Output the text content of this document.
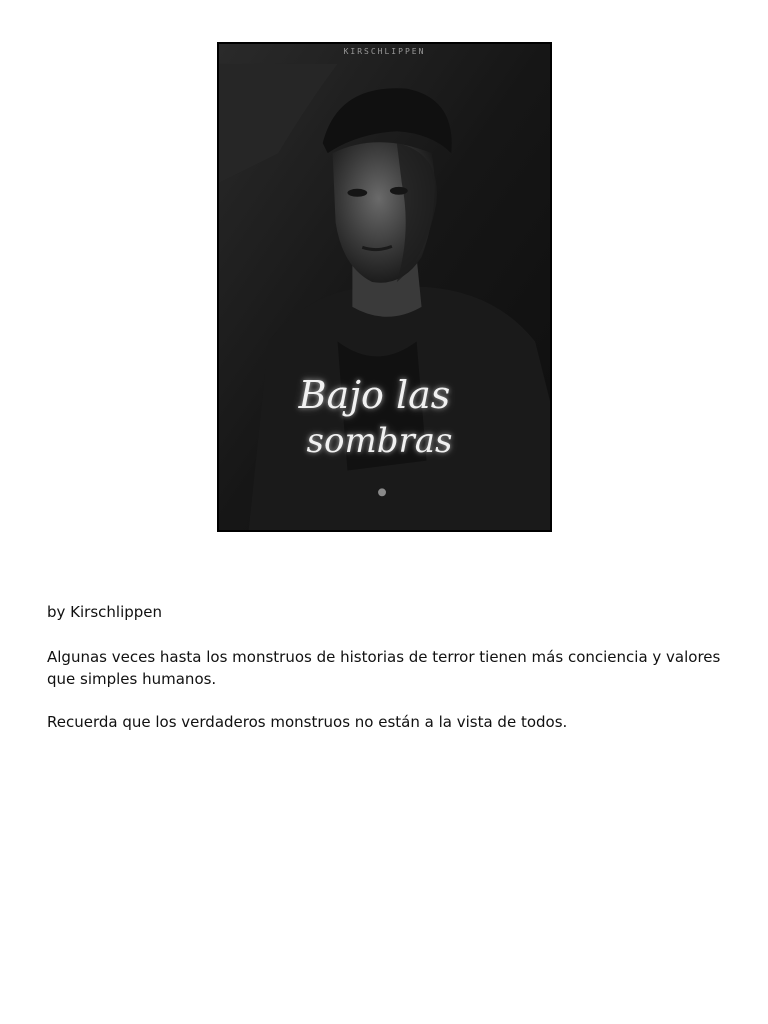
KIRSCHLIPPEN
Bajo las
sombras

by Kirschlippen

Algunas veces hasta los monstruos de historias de terror tienen más conciencia y valores que simples humanos.

Recuerda que los verdaderos monstruos no están a la vista de todos.
